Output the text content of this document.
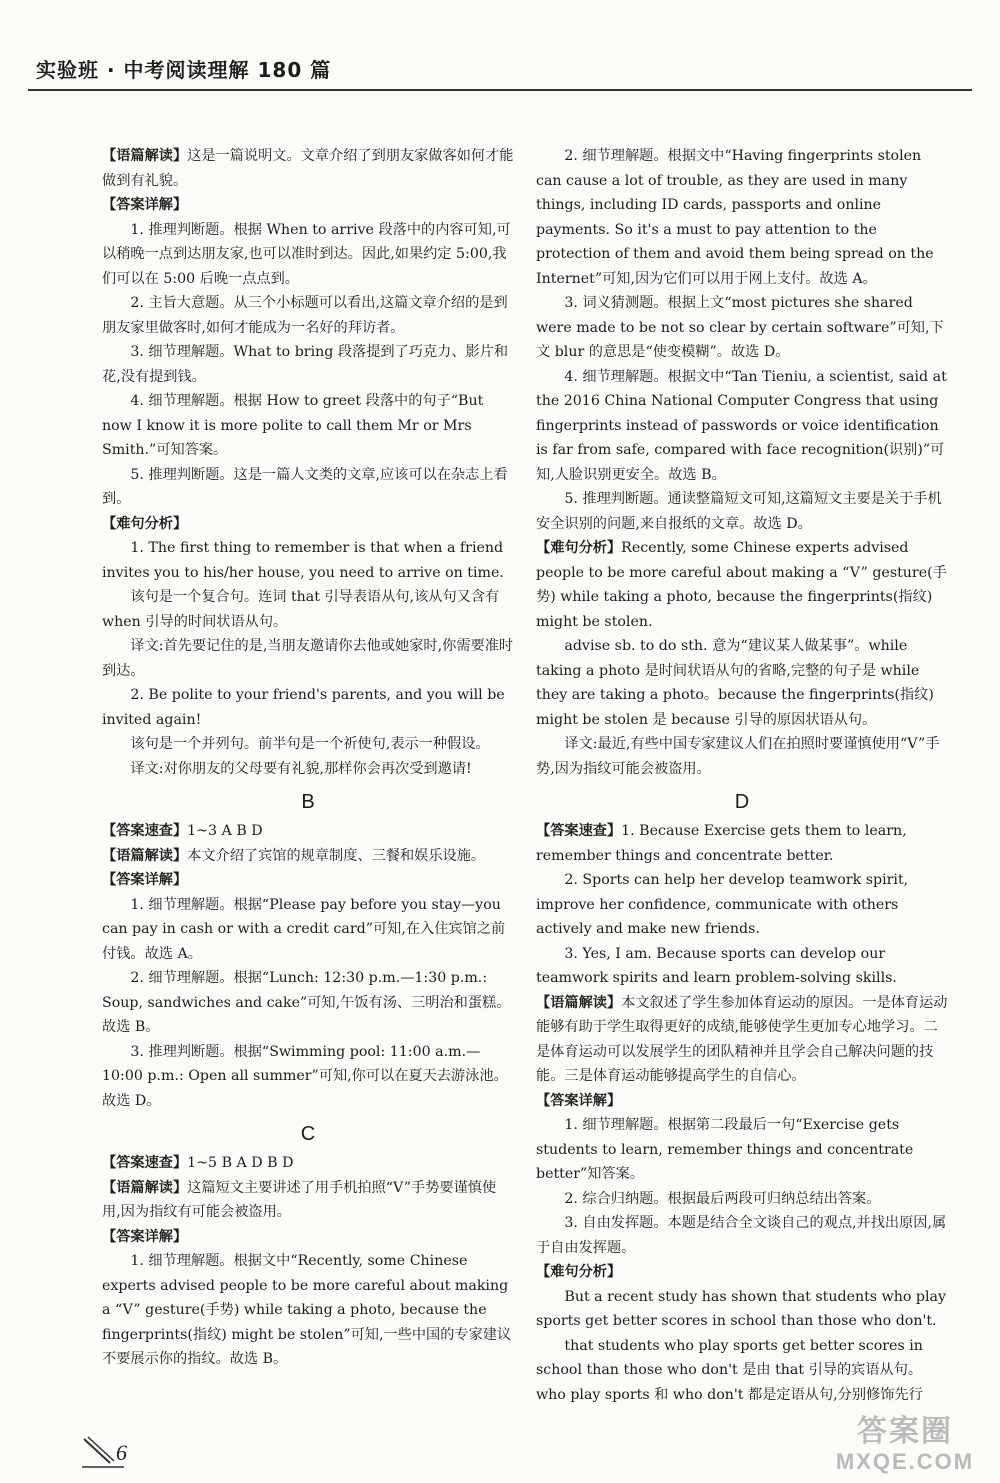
实验班 · 中考阅读理解 180 篇

【语篇解读】这是一篇说明文。文章介绍了到朋友家做客如何才能做到有礼貌。

【答案详解】

1. 推理判断题。根据 When to arrive 段落中的内容可知,可以稍晚一点到达朋友家,也可以准时到达。因此,如果约定 5:00,我们可以在 5:00 后晚一点点到。

2. 主旨大意题。从三个小标题可以看出,这篇文章介绍的是到朋友家里做客时,如何才能成为一名好的拜访者。

3. 细节理解题。What to bring 段落提到了巧克力、影片和花,没有提到钱。

4. 细节理解题。根据 How to greet 段落中的句子“But now I know it is more polite to call them Mr or Mrs Smith.”可知答案。

5. 推理判断题。这是一篇人文类的文章,应该可以在杂志上看到。

【难句分析】

1. The first thing to remember is that when a friend invites you to his/her house, you need to arrive on time.

该句是一个复合句。连词 that 引导表语从句,该从句又含有 when 引导的时间状语从句。

译文:首先要记住的是,当朋友邀请你去他或她家时,你需要准时到达。

2. Be polite to your friend's parents, and you will be invited again!

该句是一个并列句。前半句是一个祈使句,表示一种假设。

译文:对你朋友的父母要有礼貌,那样你会再次受到邀请!

B

【答案速查】1~3 A B D

【语篇解读】本文介绍了宾馆的规章制度、三餐和娱乐设施。

【答案详解】

1. 细节理解题。根据“Please pay before you stay—you can pay in cash or with a credit card”可知,在入住宾馆之前付钱。故选 A。

2. 细节理解题。根据“Lunch: 12:30 p.m.—1:30 p.m.: Soup, sandwiches and cake”可知,午饭有汤、三明治和蛋糕。故选 B。

3. 推理判断题。根据“Swimming pool: 11:00 a.m.—10:00 p.m.: Open all summer”可知,你可以在夏天去游泳池。故选 D。

C

【答案速查】1~5 B A D B D

【语篇解读】这篇短文主要讲述了用手机拍照“V”手势要谨慎使用,因为指纹有可能会被盗用。

【答案详解】

1. 细节理解题。根据文中“Recently, some Chinese experts advised people to be more careful about making a “V” gesture(手势) while taking a photo, because the fingerprints(指纹) might be stolen”可知,一些中国的专家建议不要展示你的指纹。故选 B。

2. 细节理解题。根据文中“Having fingerprints stolen can cause a lot of trouble, as they are used in many things, including ID cards, passports and online payments. So it's a must to pay attention to the protection of them and avoid them being spread on the Internet”可知,因为它们可以用于网上支付。故选 A。

3. 词义猜测题。根据上文“most pictures she shared were made to be not so clear by certain software”可知,下文 blur 的意思是“使变模糊”。故选 D。

4. 细节理解题。根据文中“Tan Tieniu, a scientist, said at the 2016 China National Computer Congress that using fingerprints instead of passwords or voice identification is far from safe, compared with face recognition(识别)”可知,人脸识别更安全。故选 B。

5. 推理判断题。通读整篇短文可知,这篇短文主要是关于手机安全识别的问题,来自报纸的文章。故选 D。

【难句分析】Recently, some Chinese experts advised people to be more careful about making a “V” gesture(手势) while taking a photo, because the fingerprints(指纹) might be stolen.

advise sb. to do sth. 意为“建议某人做某事”。while taking a photo 是时间状语从句的省略,完整的句子是 while they are taking a photo。because the fingerprints(指纹) might be stolen 是 because 引导的原因状语从句。

译文:最近,有些中国专家建议人们在拍照时要谨慎使用“V”手势,因为指纹可能会被盗用。

D

【答案速查】1. Because Exercise gets them to learn, remember things and concentrate better.

2. Sports can help her develop teamwork spirit, improve her confidence, communicate with others actively and make new friends.

3. Yes, I am. Because sports can develop our teamwork spirits and learn problem-solving skills.

【语篇解读】本文叙述了学生参加体育运动的原因。一是体育运动能够有助于学生取得更好的成绩,能够使学生更加专心地学习。二是体育运动可以发展学生的团队精神并且学会自己解决问题的技能。三是体育运动能够提高学生的自信心。

【答案详解】

1. 细节理解题。根据第二段最后一句“Exercise gets students to learn, remember things and concentrate better”知答案。

2. 综合归纳题。根据最后两段可归纳总结出答案。

3. 自由发挥题。本题是结合全文谈自己的观点,并找出原因,属于自由发挥题。

【难句分析】

But a recent study has shown that students who play sports get better scores in school than those who don't.

that students who play sports get better scores in school than those who don't 是由 that 引导的宾语从句。who play sports 和 who don't 都是定语从句,分别修饰先行

6
答案圈
MXQE.COM
